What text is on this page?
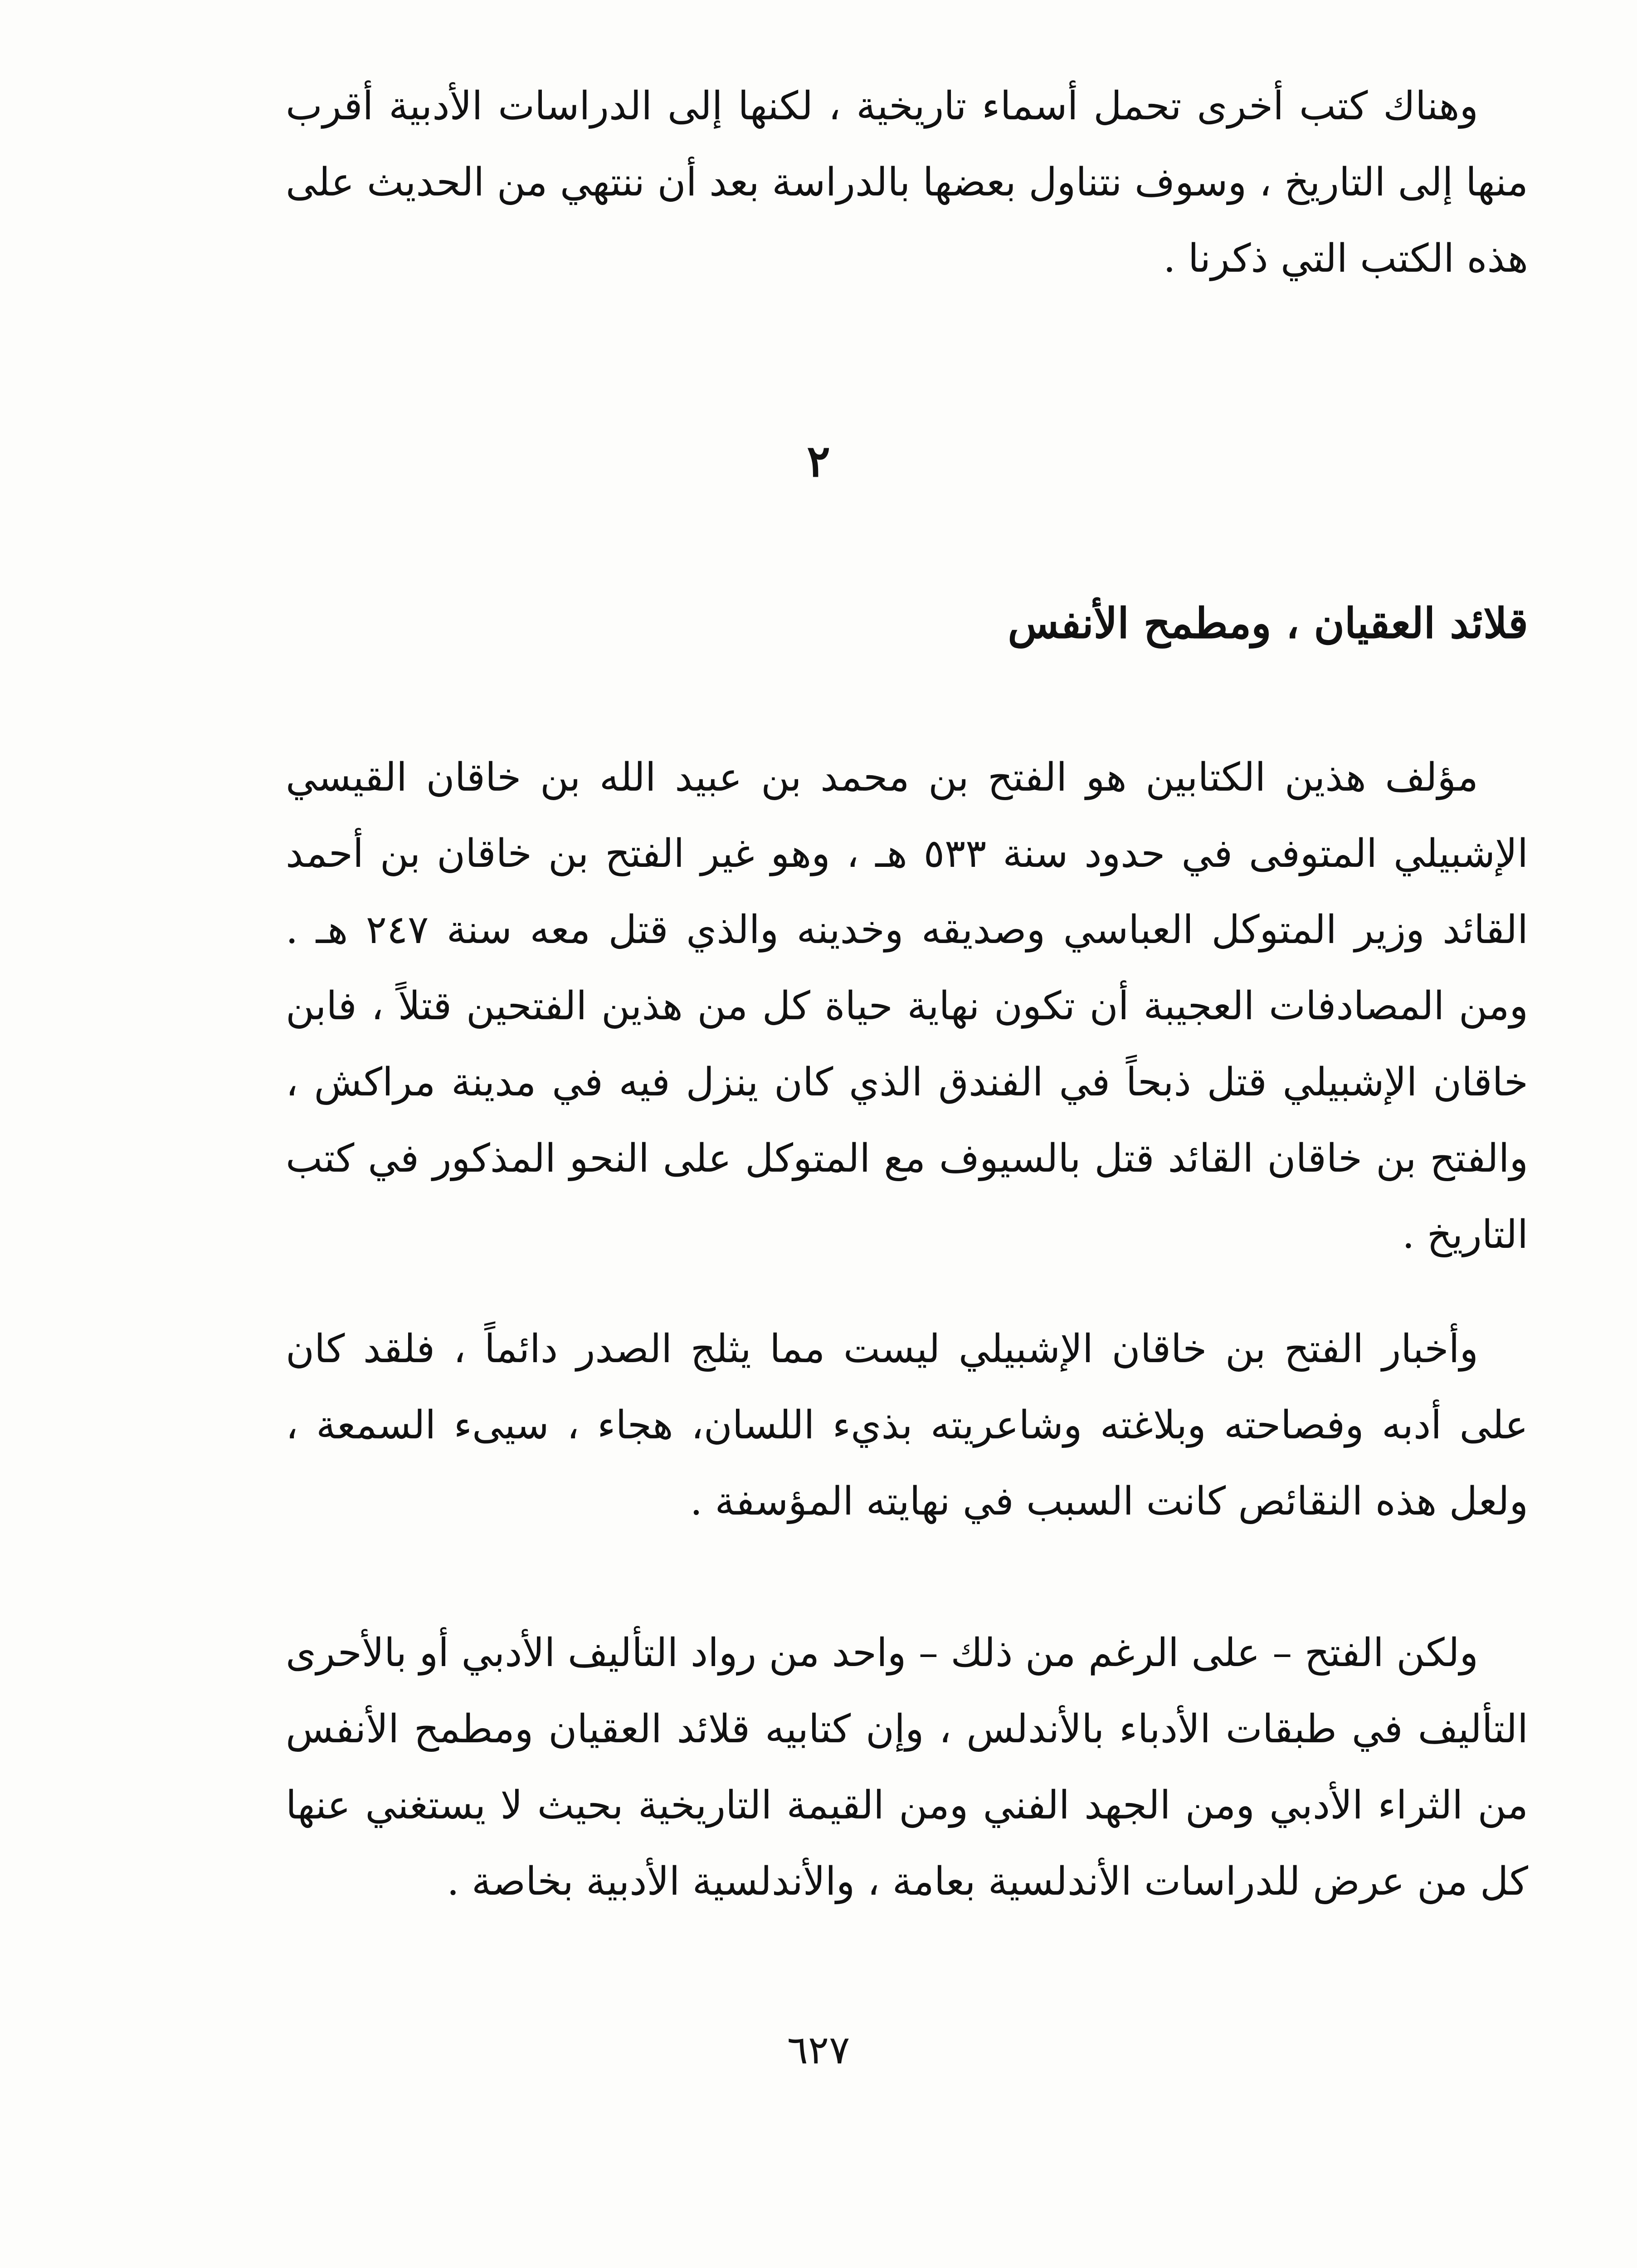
وهناك كتب أخرى تحمل أسماء تاريخية ، لكنها إلى الدراسات الأدبية أقرب منها إلى التاريخ ، وسوف نتناول بعضها بالدراسة بعد أن ننتهي من الحديث على هذه الكتب التي ذكرنا .

٢
قلائد العقيان ، ومطمح الأنفس

مؤلف هذين الكتابين هو الفتح بن محمد بن عبيد الله بن خاقان القيسي الإشبيلي المتوفى في حدود سنة ٥٣٣ هـ ، وهو غير الفتح بن خاقان بن أحمد القائد وزير المتوكل العباسي وصديقه وخدينه والذي قتل معه سنة ٢٤٧ هـ . ومن المصادفات العجيبة أن تكون نهاية حياة كل من هذين الفتحين قتلاً ، فابن خاقان الإشبيلي قتل ذبحاً في الفندق الذي كان ينزل فيه في مدينة مراكش ، والفتح بن خاقان القائد قتل بالسيوف مع المتوكل على النحو المذكور في كتب التاريخ .

وأخبار الفتح بن خاقان الإشبيلي ليست مما يثلج الصدر دائماً ، فلقد كان على أدبه وفصاحته وبلاغته وشاعريته بذيء اللسان، هجاء ، سيىء السمعة ، ولعل هذه النقائص كانت السبب في نهايته المؤسفة .

ولكن الفتح – على الرغم من ذلك – واحد من رواد التأليف الأدبي أو بالأحرى التأليف في طبقات الأدباء بالأندلس ، وإن كتابيه قلائد العقيان ومطمح الأنفس من الثراء الأدبي ومن الجهد الفني ومن القيمة التاريخية بحيث لا يستغني عنها كل من عرض للدراسات الأندلسية بعامة ، والأندلسية الأدبية بخاصة .

٦٢٧
